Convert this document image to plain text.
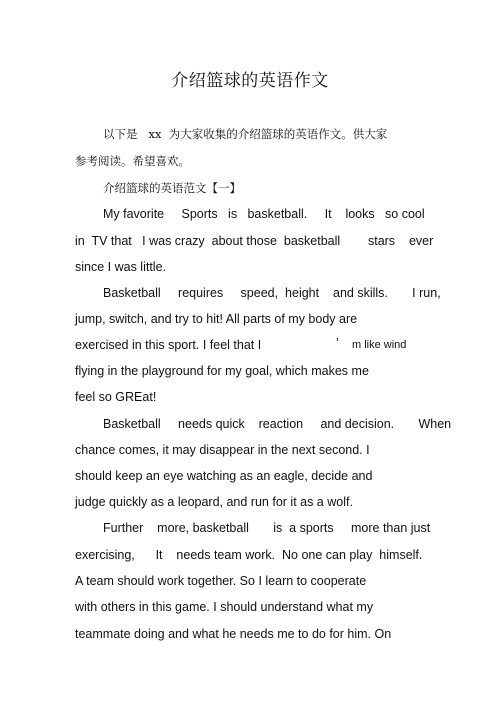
介绍篮球的英语作文
以下是   xx  为大家收集的介绍篮球的英语作文。供大家
参考阅读。希望喜欢。
介绍篮球的英语范文【一】
My favorite     Sports   is   basketball.     It    looks   so cool
in  TV that   I was crazy  about those  basketball        stars    ever
since I was little.
Basketball     requires     speed,  height    and skills.       I run,
jump, switch, and try to hit! All parts of my body are
exercised in this sport. I feel that I	’ m like wind
flying in the playground for my goal, which makes me
feel so GREat!
Basketball     needs quick    reaction     and decision.       When
chance comes, it may disappear in the next second. I
should keep an eye watching as an eagle, decide and
judge quickly as a leopard, and run for it as a wolf.
Further    more, basketball       is  a sports     more than just
exercising,      It    needs team work.  No one can play  himself.
A team should work together. So I learn to cooperate
with others in this game. I should understand what my
teammate doing and what he needs me to do for him. On
